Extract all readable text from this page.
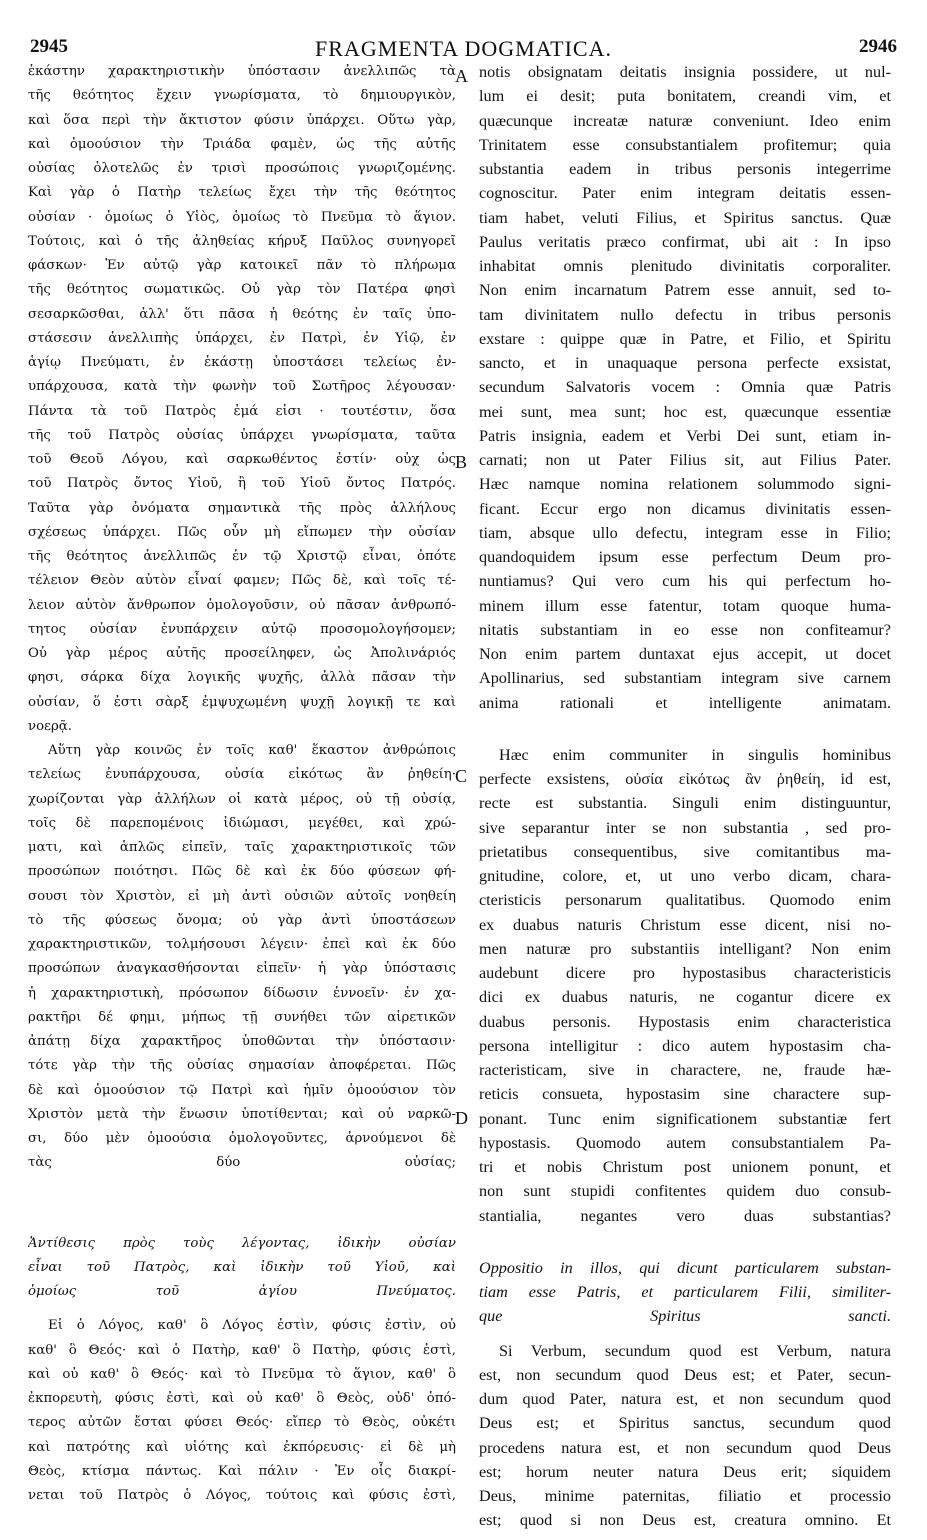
2945	FRAGMENTA DOGMATICA.	2946
A
B
C
D
ἑκάστην χαρακτηριστικὴν ὑπόστασιν ἀνελλιπῶς τὰ
τῆς θεότητος ἔχειν γνωρίσματα, τὸ δημιουργικὸν,
καὶ ὅσα περὶ τὴν ἄκτιστον φύσιν ὑπάρχει. Οὕτω γὰρ,
καὶ ὁμοούσιον τὴν Τριάδα φαμὲν, ὡς τῆς αὐτῆς
οὐσίας ὁλοτελῶς ἐν τρισὶ προσώποις γνωριζομένης.
Καὶ γὰρ ὁ Πατὴρ τελείως ἔχει τὴν τῆς θεότητος
οὐσίαν · ὁμοίως ὁ Υἱὸς, ὁμοίως τὸ Πνεῦμα τὸ ἅγιον.
Τούτοις, καὶ ὁ τῆς ἀληθείας κήρυξ Παῦλος συνηγορεῖ
φάσκων· Ἐν αὐτῷ γὰρ κατοικεῖ πᾶν τὸ πλήρωμα
τῆς θεότητος σωματικῶς. Οὐ γὰρ τὸν Πατέρα φησὶ
σεσαρκῶσθαι, ἀλλ' ὅτι πᾶσα ἡ θεότης ἐν ταῖς ὑπο-
στάσεσιν ἀνελλιπὴς ὑπάρχει, ἐν Πατρὶ, ἐν Υἱῷ, ἐν
ἁγίῳ Πνεύματι, ἐν ἑκάστῃ ὑποστάσει τελείως ἐν-
υπάρχουσα, κατὰ τὴν φωνὴν τοῦ Σωτῆρος λέγουσαν·
Πάντα τὰ τοῦ Πατρὸς ἐμά εἰσι · τουτέστιν, ὅσα
τῆς τοῦ Πατρὸς οὐσίας ὑπάρχει γνωρίσματα, ταῦτα
τοῦ Θεοῦ Λόγου, καὶ σαρκωθέντος ἐστίν· οὐχ ὡς
τοῦ Πατρὸς ὄντος Υἱοῦ, ἢ τοῦ Υἱοῦ ὄντος Πατρός.
Ταῦτα γὰρ ὀνόματα σημαντικὰ τῆς πρὸς ἀλλήλους
σχέσεως ὑπάρχει. Πῶς οὖν μὴ εἴπωμεν τὴν οὐσίαν
τῆς θεότητος ἀνελλιπῶς ἐν τῷ Χριστῷ εἶναι, ὁπότε
τέλειον Θεὸν αὐτὸν εἶναί φαμεν; Πῶς δὲ, καὶ τοῖς τέ-
λειον αὐτὸν ἄνθρωπον ὁμολογοῦσιν, οὐ πᾶσαν ἀνθρωπό-
τητος οὐσίαν ἐνυπάρχειν αὐτῷ προσομολογήσομεν;
Οὐ γὰρ μέρος αὐτῆς προσείληφεν, ὡς Ἀπολινάριός
φησι, σάρκα δίχα λογικῆς ψυχῆς, ἀλλὰ πᾶσαν τὴν
οὐσίαν, ὅ ἐστι σὰρξ ἐμψυχωμένη ψυχῇ λογικῇ τε καὶ
νοερᾷ.
Αὕτη γὰρ κοινῶς ἐν τοῖς καθ' ἕκαστον ἀνθρώποις
τελείως ἐνυπάρχουσα, οὐσία εἰκότως ἂν ῥηθείη·
χωρίζονται γὰρ ἀλλήλων οἱ κατὰ μέρος, οὐ τῇ οὐσίᾳ,
τοῖς δὲ παρεπομένοις ἰδιώμασι, μεγέθει, καὶ χρώ-
ματι, καὶ ἁπλῶς εἰπεῖν, ταῖς χαρακτηριστικοῖς τῶν
προσώπων ποιότησι. Πῶς δὲ καὶ ἐκ δύο φύσεων φή-
σουσι τὸν Χριστὸν, εἰ μὴ ἀντὶ οὐσιῶν αὐτοῖς νοηθείη
τὸ τῆς φύσεως ὄνομα; οὐ γὰρ ἀντὶ ὑποστάσεων
χαρακτηριστικῶν, τολμήσουσι λέγειν· ἐπεὶ καὶ ἐκ δύο
προσώπων ἀναγκασθήσονται εἰπεῖν· ἡ γὰρ ὑπόστασις
ἡ χαρακτηριστικὴ, πρόσωπον δίδωσιν ἐννοεῖν· ἐν χα-
ρακτῆρι δέ φημι, μήπως τῇ συνήθει τῶν αἱρετικῶν
ἀπάτῃ δίχα χαρακτῆρος ὑποθῶνται τὴν ὑπόστασιν·
τότε γὰρ τὴν τῆς οὐσίας σημασίαν ἀποφέρεται. Πῶς
δὲ καὶ ὁμοούσιον τῷ Πατρὶ καὶ ἡμῖν ὁμοούσιον τὸν
Χριστὸν μετὰ τὴν ἕνωσιν ὑποτίθενται; καὶ οὐ ναρκῶ-
σι, δύο μὲν ὁμοούσια ὁμολογοῦντες, ἀρνούμενοι δὲ
τὰς δύο οὐσίας;
Ἀντίθεσις πρὸς τοὺς λέγοντας, ἰδικὴν οὐσίαν
εἶναι τοῦ Πατρὸς, καὶ ἰδικὴν τοῦ Υἱοῦ, καὶ
ὁμοίως τοῦ ἁγίου Πνεύματος.
Εἰ ὁ Λόγος, καθ' ὃ Λόγος ἐστὶν, φύσις ἐστὶν, οὐ
καθ' ὃ Θεός· καὶ ὁ Πατὴρ, καθ' ὃ Πατὴρ, φύσις ἐστὶ,
καὶ οὐ καθ' ὃ Θεός· καὶ τὸ Πνεῦμα τὸ ἅγιον, καθ' ὃ
ἐκπορευτὴ, φύσις ἐστὶ, καὶ οὐ καθ' ὃ Θεὸς, οὐδ' ὁπό-
τερος αὐτῶν ἔσται φύσει Θεός· εἴπερ τὸ Θεὸς, οὐκέτι
καὶ πατρότης καὶ υἱότης καὶ ἐκπόρευσις· εἰ δὲ μὴ
Θεὸς, κτίσμα πάντως. Καὶ πάλιν · Ἐν οἷς διακρί-
νεται τοῦ Πατρὸς ὁ Λόγος, τούτοις καὶ φύσις ἐστὶ,
notis obsignatam deitatis insignia possidere, ut nul-
lum ei desit; puta bonitatem, creandi vim, et
quæcunque increatæ naturæ conveniunt. Ideo enim
Trinitatem esse consubstantialem profitemur; quia
substantia eadem in tribus personis integerrime
cognoscitur. Pater enim integram deitatis essen-
tiam habet, veluti Filius, et Spiritus sanctus. Quæ
Paulus veritatis præco confirmat, ubi ait : In ipso
inhabitat omnis plenitudo divinitatis corporaliter.
Non enim incarnatum Patrem esse annuit, sed to-
tam divinitatem nullo defectu in tribus personis
exstare : quippe quæ in Patre, et Filio, et Spiritu
sancto, et in unaquaque persona perfecte exsistat,
secundum Salvatoris vocem : Omnia quæ Patris
mei sunt, mea sunt; hoc est, quæcunque essentiæ
Patris insignia, eadem et Verbi Dei sunt, etiam in-
carnati; non ut Pater Filius sit, aut Filius Pater.
Hæc namque nomina relationem solummodo signi-
ficant. Eccur ergo non dicamus divinitatis essen-
tiam, absque ullo defectu, integram esse in Filio;
quandoquidem ipsum esse perfectum Deum pro-
nuntiamus? Qui vero cum his qui perfectum ho-
minem illum esse fatentur, totam quoque huma-
nitatis substantiam in eo esse non confiteamur?
Non enim partem duntaxat ejus accepit, ut docet
Apollinarius, sed substantiam integram sive carnem
anima rationali et intelligente animatam.
Hæc enim communiter in singulis hominibus
perfecte exsistens, οὐσία εἰκότως ἂν ῥηθείη, id est,
recte est substantia. Singuli enim distinguuntur,
sive separantur inter se non substantia , sed pro-
prietatibus consequentibus, sive comitantibus ma-
gnitudine, colore, et, ut uno verbo dicam, chara-
cteristicis personarum qualitatibus. Quomodo enim
ex duabus naturis Christum esse dicent, nisi no-
men naturæ pro substantiis intelligant? Non enim
audebunt dicere pro hypostasibus characteristicis
dici ex duabus naturis, ne cogantur dicere ex
duabus personis. Hypostasis enim characteristica
persona intelligitur : dico autem hypostasim cha-
racteristicam, sive in charactere, ne, fraude hæ-
reticis consueta, hypostasim sine charactere sup-
ponant. Tunc enim significationem substantiæ fert
hypostasis. Quomodo autem consubstantialem Pa-
tri et nobis Christum post unionem ponunt, et
non sunt stupidi confitentes quidem duo consub-
stantialia, negantes vero duas substantias?
Oppositio in illos, qui dicunt particularem substan-
tiam esse Patris, et particularem Filii, similiter-
que Spiritus sancti.
Si Verbum, secundum quod est Verbum, natura
est, non secundum quod Deus est; et Pater, secun-
dum quod Pater, natura est, et non secundum quod
Deus est; et Spiritus sanctus, secundum quod
procedens natura est, et non secundum quod Deus
est; horum neuter natura Deus erit; siquidem
Deus, minime paternitas, filiatio et processio
est; quod si non Deus est, creatura omnino. Et
